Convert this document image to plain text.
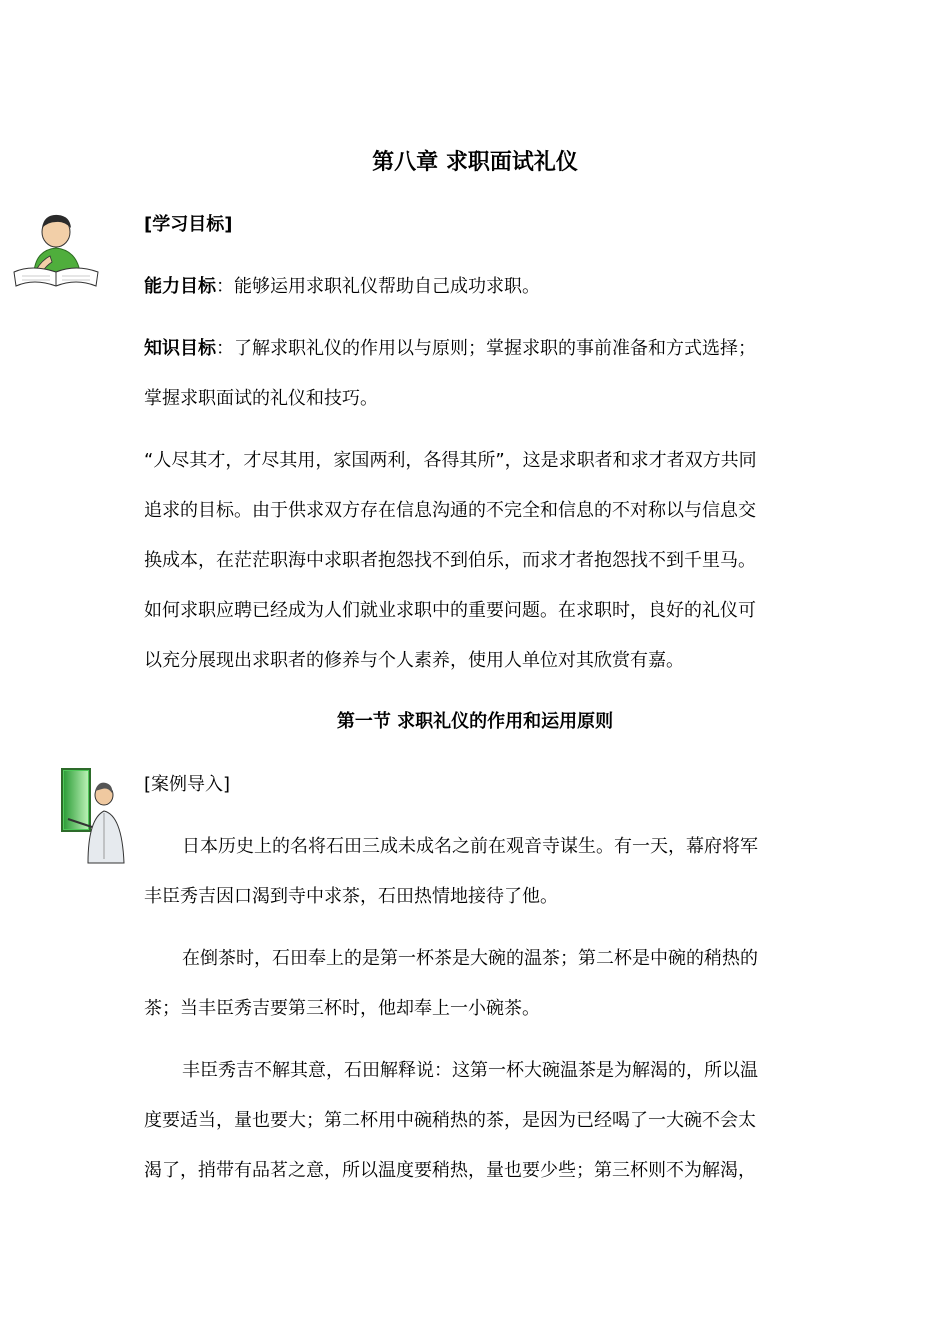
第八章 求职面试礼仪
[学习目标]
能力目标：能够运用求职礼仪帮助自己成功求职。
知识目标：了解求职礼仪的作用以与原则；掌握求职的事前准备和方式选择；
掌握求职面试的礼仪和技巧。
“人尽其才，才尽其用，家国两利，各得其所”，这是求职者和求才者双方共同
追求的目标。由于供求双方存在信息沟通的不完全和信息的不对称以与信息交
换成本，在茫茫职海中求职者抱怨找不到伯乐，而求才者抱怨找不到千里马。
如何求职应聘已经成为人们就业求职中的重要问题。在求职时，良好的礼仪可
以充分展现出求职者的修养与个人素养，使用人单位对其欣赏有嘉。
第一节 求职礼仪的作用和运用原则
[案例导入]
日本历史上的名将石田三成未成名之前在观音寺谋生。有一天，幕府将军
丰臣秀吉因口渴到寺中求茶，石田热情地接待了他。
在倒茶时，石田奉上的是第一杯茶是大碗的温茶；第二杯是中碗的稍热的
茶；当丰臣秀吉要第三杯时，他却奉上一小碗茶。
丰臣秀吉不解其意，石田解释说：这第一杯大碗温茶是为解渴的，所以温
度要适当，量也要大；第二杯用中碗稍热的茶，是因为已经喝了一大碗不会太
渴了，捎带有品茗之意，所以温度要稍热，量也要少些；第三杯则不为解渴，
